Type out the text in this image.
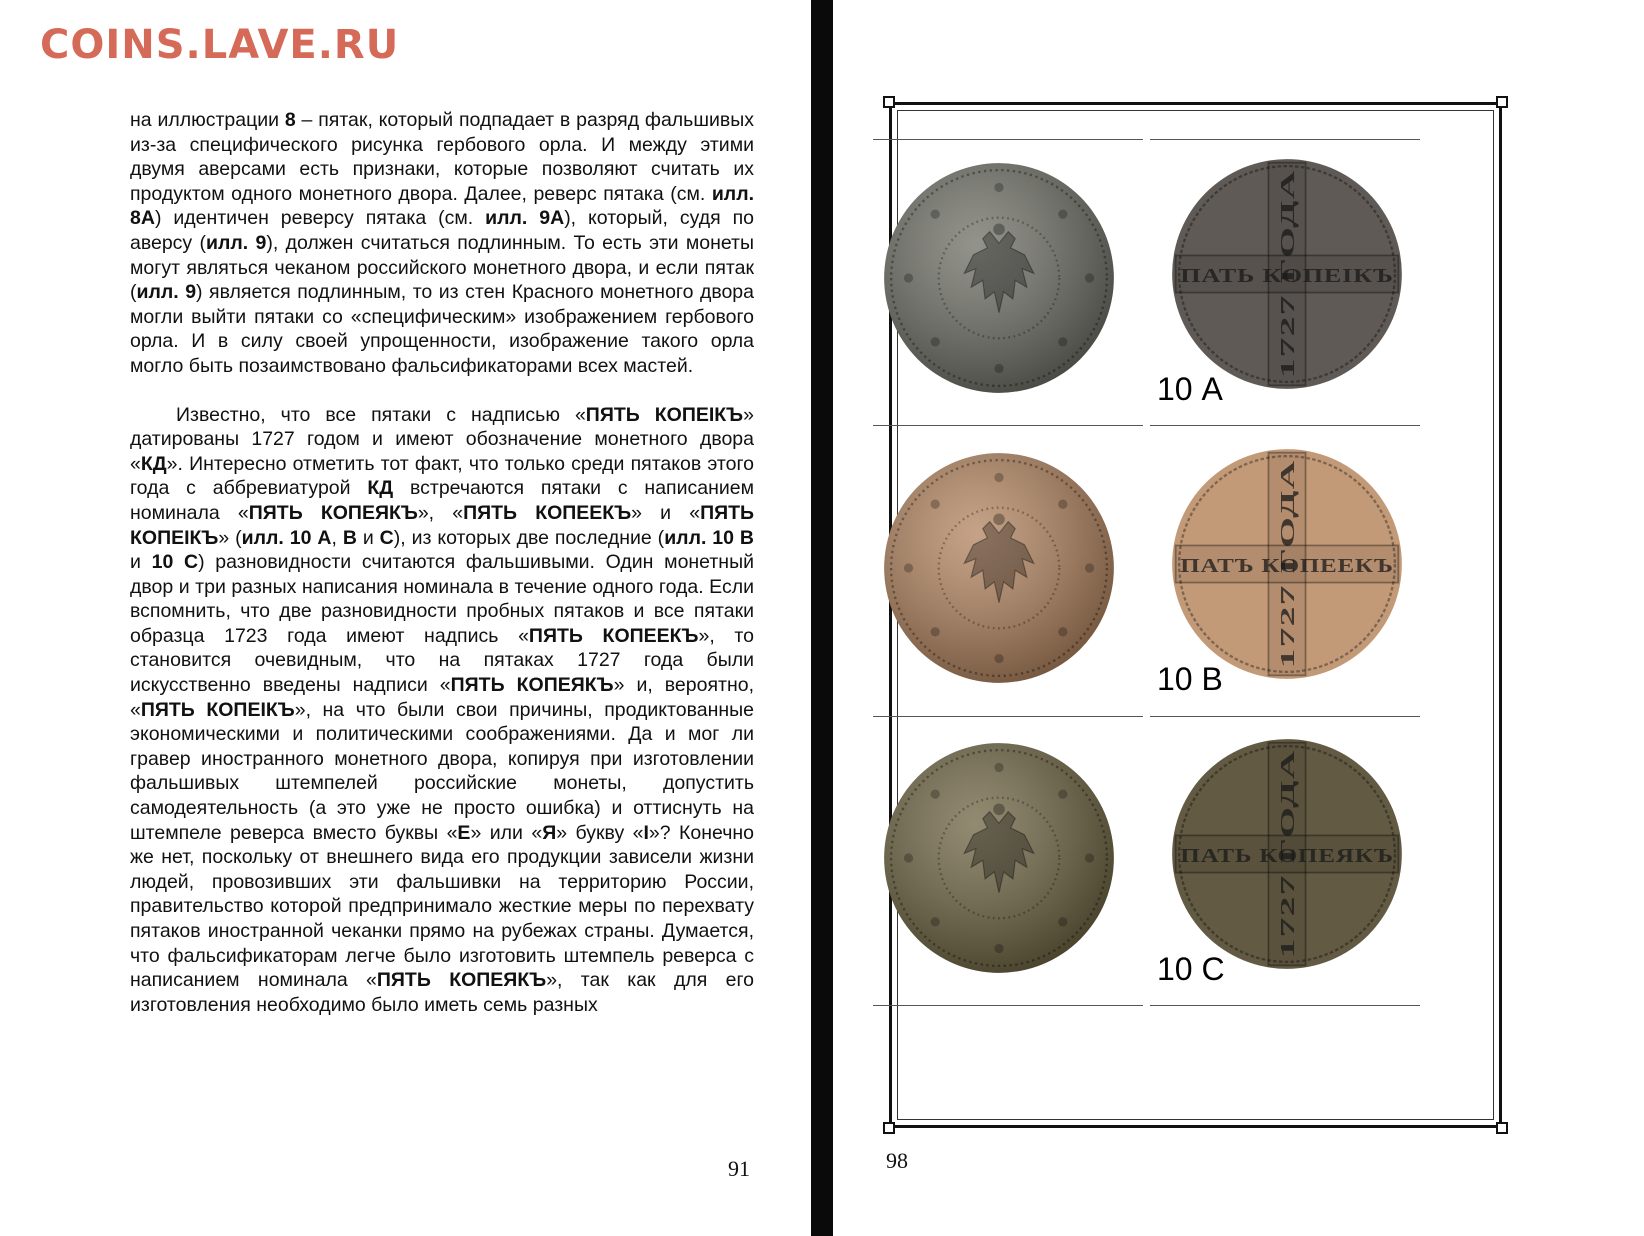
COINS.LAVE.RU

на иллюстрации 8 – пятак, который подпадает в разряд фальшивых из-за специфического рисунка гербового орла. И между этими двумя аверсами есть признаки, которые позволяют считать их продуктом одного монетного двора. Далее, реверс пятака (см. илл. 8А) идентичен реверсу пятака (см. илл. 9А), который, судя по аверсу (илл. 9), должен считаться подлинным. То есть эти монеты могут являться чеканом российского монетного двора, и если пятак (илл. 9) является подлинным, то из стен Красного монетного двора могли выйти пятаки со «специфическим» изображением гербового орла. И в силу своей упрощенности, изображение такого орла могло быть позаимствовано фальсификаторами всех мастей.

Известно, что все пятаки с надписью «ПЯТЬ КОПЕІКЪ» датированы 1727 годом и имеют обозначение монетного двора «КД». Интересно отметить тот факт, что только среди пятаков этого года с аббревиатурой КД встречаются пятаки с написанием номинала «ПЯТЬ КОПЕЯКЪ», «ПЯТЬ КОПЕЕКЪ» и «ПЯТЬ КОПЕІКЪ» (илл. 10 А, В и С), из которых две последние (илл. 10 В и 10 С) разновидности считаются фальшивыми. Один монетный двор и три разных написания номинала в течение одного года. Если вспомнить, что две разновидности пробных пятаков и все пятаки образца 1723 года имеют надпись «ПЯТЬ КОПЕЕКЪ», то становится очевидным, что на пятаках 1727 года были искусственно введены надписи «ПЯТЬ КОПЕЯКЪ» и, вероятно, «ПЯТЬ КОПЕІКЪ», на что были свои причины, продиктованные экономическими и политическими соображениями. Да и мог ли гравер иностранного монетного двора, копируя при изготовлении фальшивых штемпелей российские монеты, допустить самодеятельность (а это уже не просто ошибка) и оттиснуть на штемпеле реверса вместо буквы «Е» или «Я» букву «І»? Конечно же нет, поскольку от внешнего вида его продукции зависели жизни людей, провозивших эти фальшивки на территорию России, правительство которой предпринимало жесткие меры по перехвату пятаков иностранной чеканки прямо на рубежах страны. Думается, что фальсификаторам легче было изготовить штемпель реверса с написанием номинала «ПЯТЬ КОПЕЯКЪ», так как для его изготовления необходимо было иметь семь разных

91
ПАТЬ КОПЕІКЪ
1727 ГОДА
10 А
ПАТЪ КОПЕЕКЪ
1727 ГОДА
10 В
ПАТЬ КОПЕЯКЪ
1727 ГОДА
10 С
98
